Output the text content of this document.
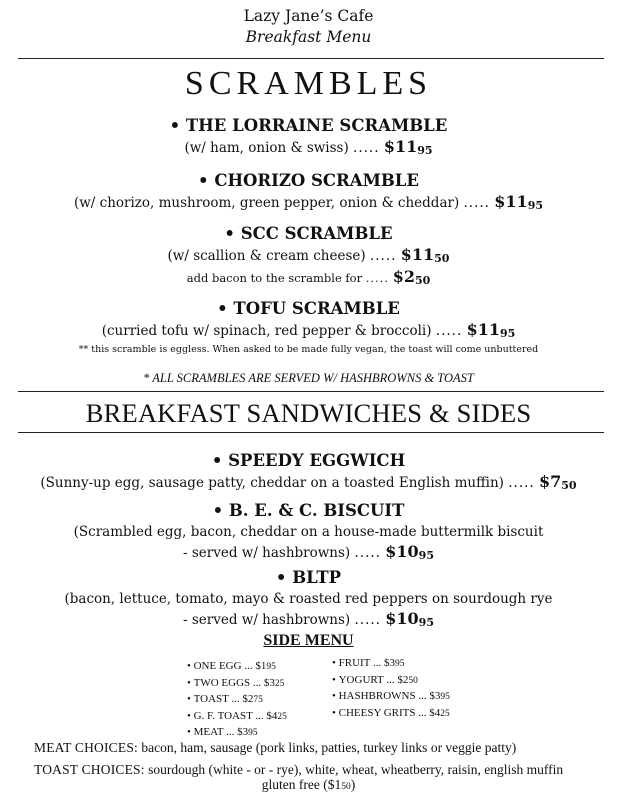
Lazy Jane’s Cafe
Breakfast Menu
SCRAMBLES
• THE LORRAINE SCRAMBLE
(w/ ham, onion & swiss) ..... $1195
• CHORIZO SCRAMBLE
(w/ chorizo, mushroom, green pepper, onion & cheddar) ..... $1195
• SCC SCRAMBLE
(w/ scallion & cream cheese) ..... $1150
add bacon to the scramble for ..... $250
• TOFU SCRAMBLE
(curried tofu w/ spinach, red pepper & broccoli) ..... $1195
** this scramble is eggless. When asked to be made fully vegan, the toast will come unbuttered
* ALL SCRAMBLES ARE SERVED W/ HASHBROWNS & TOAST
BREAKFAST SANDWICHES & SIDES
• SPEEDY EGGWICH
(Sunny-up egg, sausage patty, cheddar on a toasted English muffin) ..... $750
• B. E. & C. BISCUIT
(Scrambled egg, bacon, cheddar on a house-made buttermilk biscuit
- served w/ hashbrowns) ..... $1095
• BLTP
(bacon, lettuce, tomato, mayo & roasted red peppers on sourdough rye
- served w/ hashbrowns) ..... $1095
SIDE MENU
• ONE EGG ... $195
• TWO EGGS ... $325
• TOAST ... $275
• G. F. TOAST ... $425
• MEAT ... $395
• FRUIT ... $395
• YOGURT ... $250
• HASHBROWNS ... $395
• CHEESY GRITS ... $425
MEAT CHOICES: bacon, ham, sausage (pork links, patties, turkey links or veggie patty)
TOAST CHOICES: sourdough (white - or - rye), white, wheat, wheatberry, raisin, english muffin
gluten free ($150)
